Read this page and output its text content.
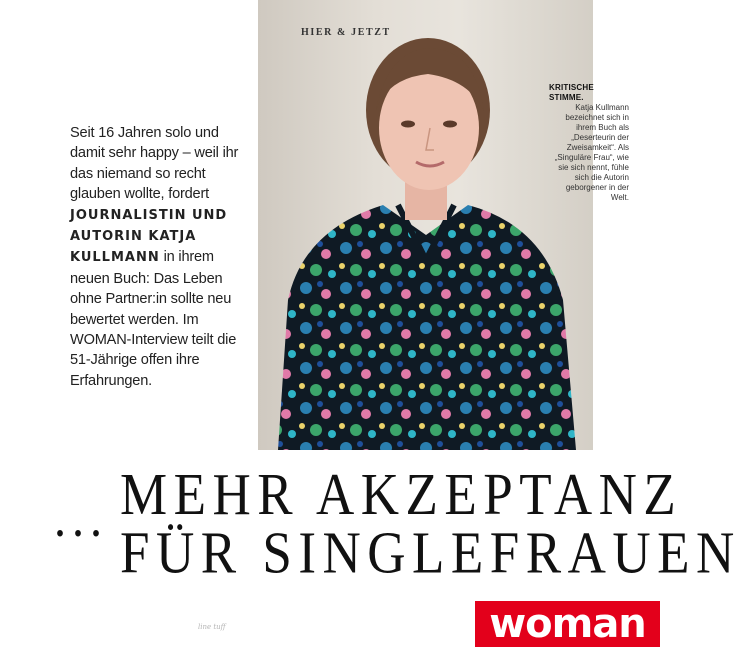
HIER & JETZT

KRITISCHE STIMME.
Katja Kullmann bezeichnet sich in ihrem Buch als „Deserteurin der Zweisamkeit“. Als „Singuläre Frau“, wie sie sich nennt, fühle sich die Autorin geborgener in der Welt.
Seit 16 Jahren solo und damit sehr happy – weil ihr das niemand so recht glauben wollte, fordert JOURNALISTIN UND AUTORIN KATJA KULLMANN in ihrem neuen Buch: Das Leben ohne Partner:in sollte neu bewertet werden. Im WOMAN-Interview teilt die 51-Jährige offen ihre Erfahrungen.
... MEHR AKZEPTANZ
FÜR SINGLEFRAUEN
line tuff	woman
